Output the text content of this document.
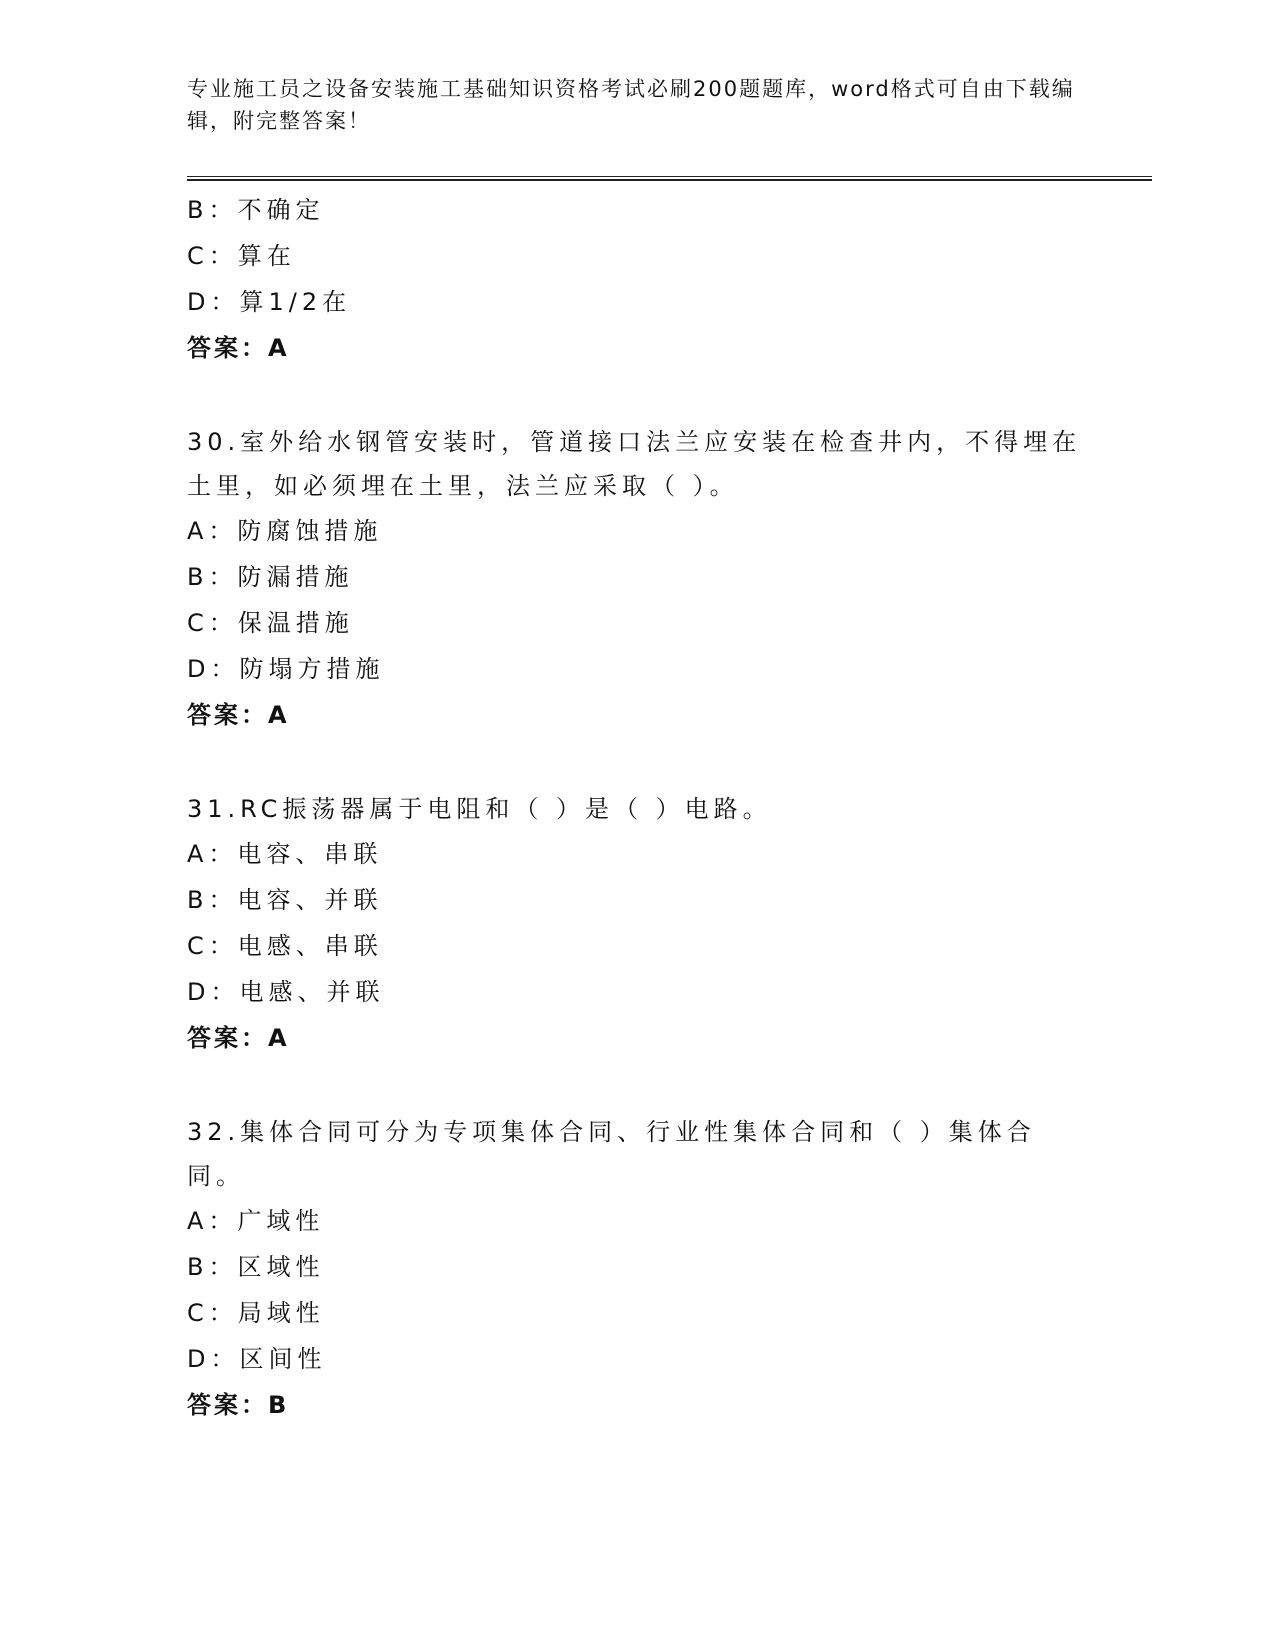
专业施工员之设备安装施工基础知识资格考试必刷200题题库，word格式可自由下载编辑，附完整答案！
B：不确定
C：算在
D：算1/2在
答案：A
30.室外给水钢管安装时，管道接口法兰应安装在检查井内，不得埋在土里，如必须埋在土里，法兰应采取（ ）。
A：防腐蚀措施
B：防漏措施
C：保温措施
D：防塌方措施
答案：A
31.RC振荡器属于电阻和（ ）是（ ）电路。
A：电容、串联
B：电容、并联
C：电感、串联
D：电感、并联
答案：A
32.集体合同可分为专项集体合同、行业性集体合同和（ ）集体合同。
A：广域性
B：区域性
C：局域性
D：区间性
答案：B
